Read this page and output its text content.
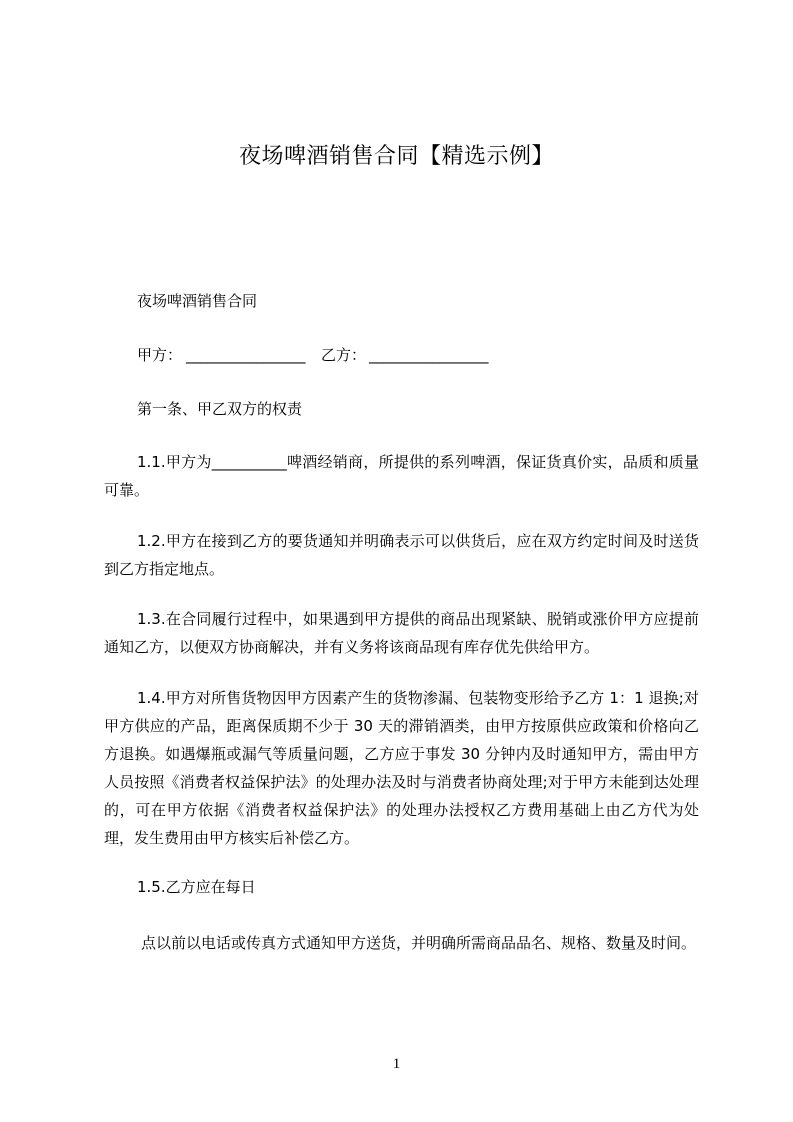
夜场啤酒销售合同【精选示例】
夜场啤酒销售合同
甲方： _________________ 乙方： _________________
第一条、甲乙双方的权责
1.1.甲方为__________啤酒经销商，所提供的系列啤酒，保证货真价实，品质和质量可靠。
1.2.甲方在接到乙方的要货通知并明确表示可以供货后，应在双方约定时间及时送货到乙方指定地点。
1.3.在合同履行过程中，如果遇到甲方提供的商品出现紧缺、脱销或涨价甲方应提前通知乙方，以便双方协商解决，并有义务将该商品现有库存优先供给甲方。
1.4.甲方对所售货物因甲方因素产生的货物渗漏、包装物变形给予乙方 1：1 退换;对甲方供应的产品，距离保质期不少于 30 天的滞销酒类，由甲方按原供应政策和价格向乙方退换。如遇爆瓶或漏气等质量问题，乙方应于事发 30 分钟内及时通知甲方，需由甲方人员按照《消费者权益保护法》的处理办法及时与消费者协商处理;对于甲方未能到达处理的，可在甲方依据《消费者权益保护法》的处理办法授权乙方费用基础上由乙方代为处理，发生费用由甲方核实后补偿乙方。
1.5.乙方应在每日
点以前以电话或传真方式通知甲方送货，并明确所需商品品名、规格、数量及时间。
1
